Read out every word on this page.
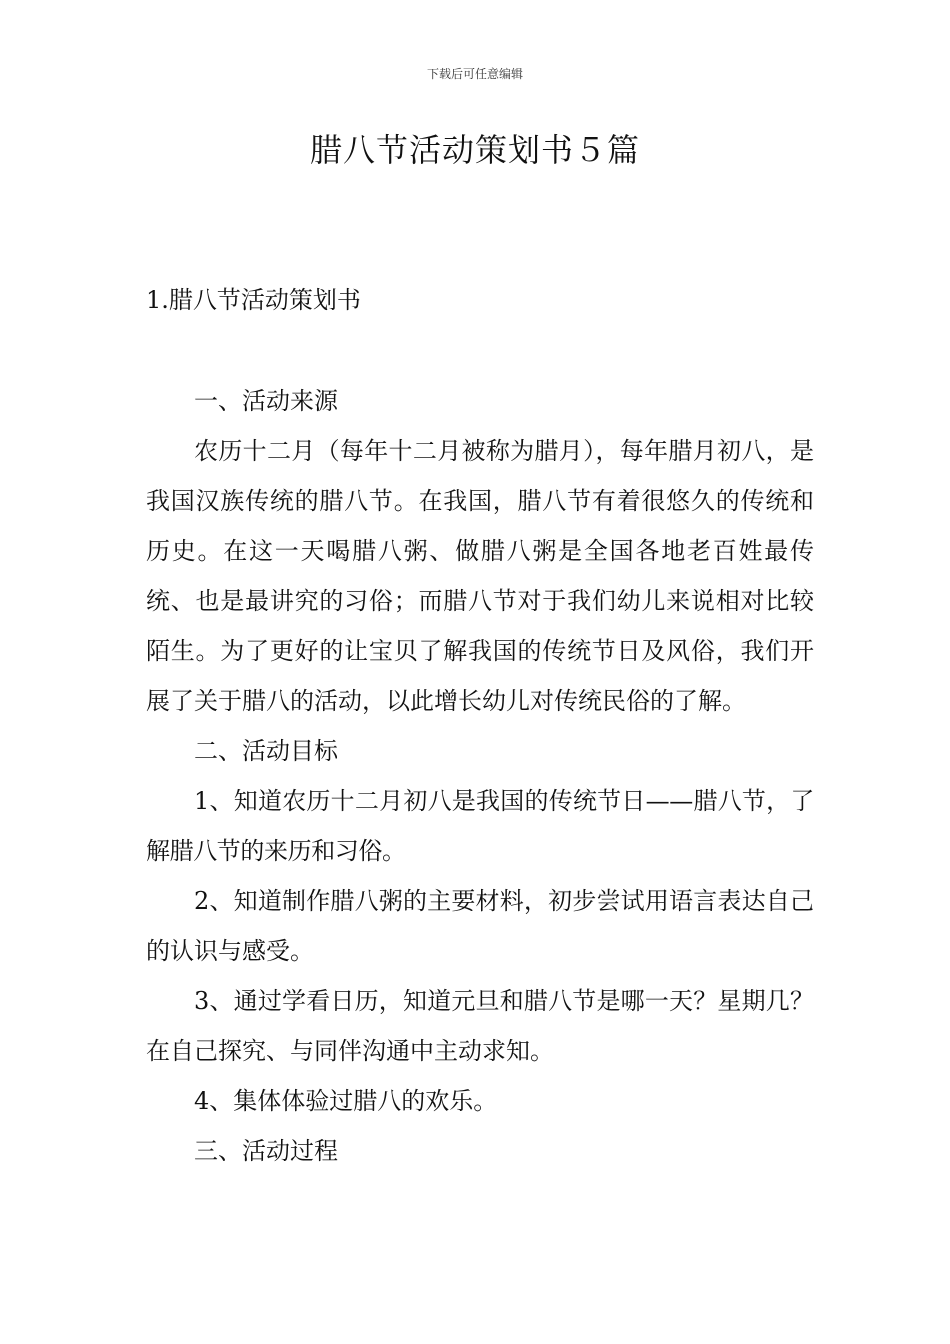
下载后可任意编辑
腊八节活动策划书５篇
1.腊八节活动策划书

一、活动来源

农历十二月（每年十二月被称为腊月），每年腊月初八，是我国汉族传统的腊八节。在我国，腊八节有着很悠久的传统和历史。在这一天喝腊八粥、做腊八粥是全国各地老百姓最传统、也是最讲究的习俗；而腊八节对于我们幼儿来说相对比较陌生。为了更好的让宝贝了解我国的传统节日及风俗，我们开展了关于腊八的活动，以此增长幼儿对传统民俗的了解。

二、活动目标

1、知道农历十二月初八是我国的传统节日——腊八节，了解腊八节的来历和习俗。

2、知道制作腊八粥的主要材料，初步尝试用语言表达自己的认识与感受。

3、通过学看日历，知道元旦和腊八节是哪一天？星期几？在自己探究、与同伴沟通中主动求知。

4、集体体验过腊八的欢乐。

三、活动过程
